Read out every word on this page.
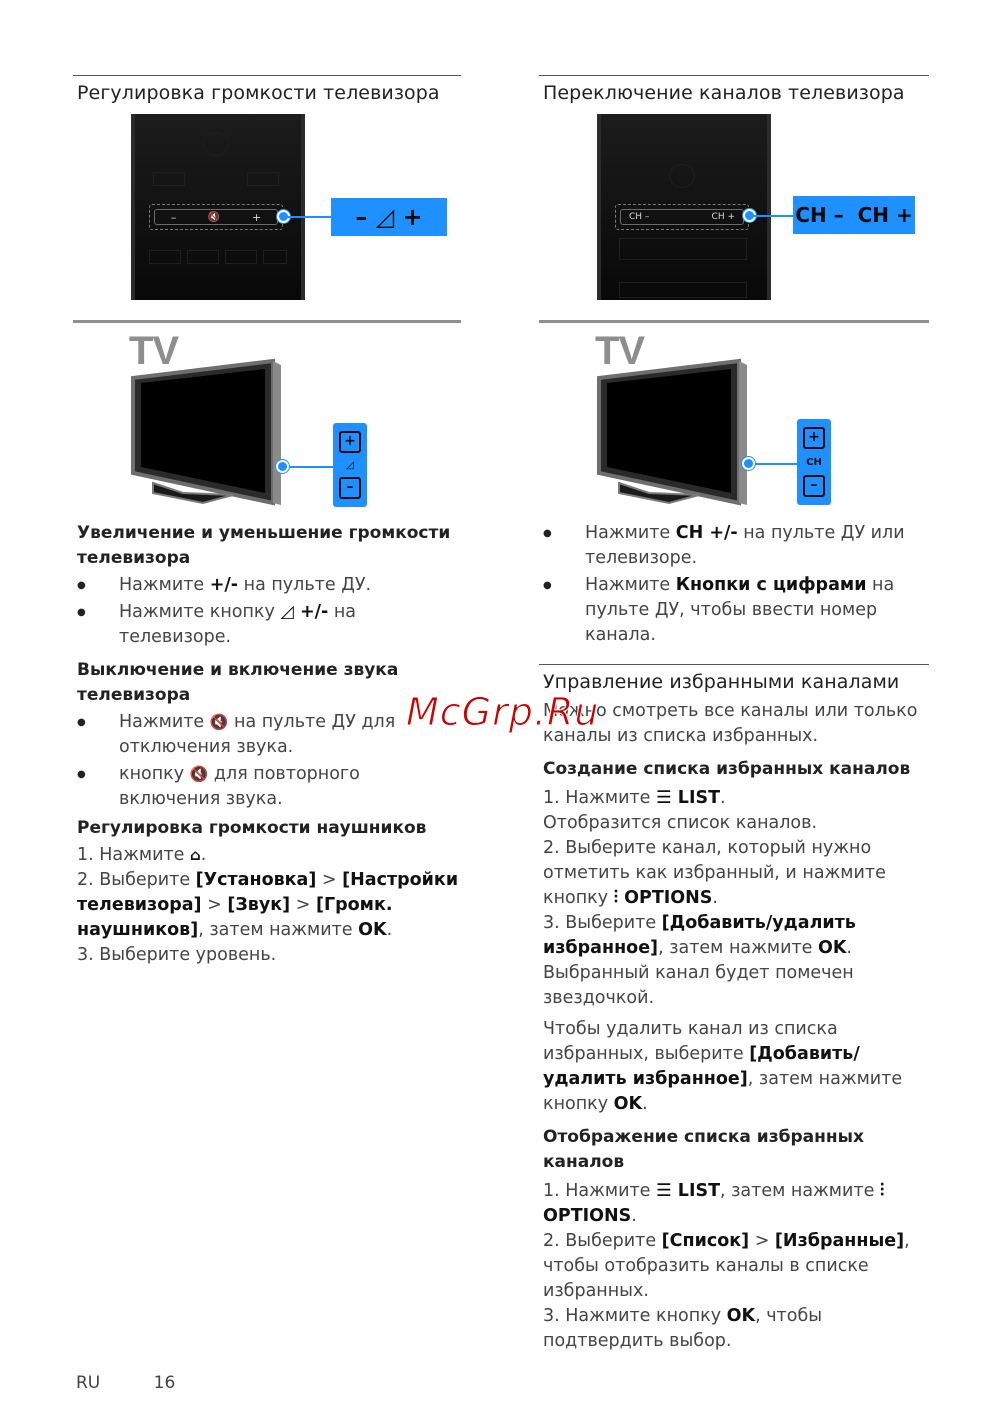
Регулировка громкости телевизора
–	🔇	+	– ◿ +
TV
+
◿
–
Увеличение и уменьшение громкости телевизора
● Нажмите +/- на пульте ДУ.
● Нажмите кнопку ◿ +/- на телевизоре.
Выключение и включение звука телевизора
● Нажмите 🔇 на пульте ДУ для отключения звука.
● кнопку 🔇 для повторного включения звука.
Регулировка громкости наушников
1. Нажмите ⌂.
2. Выберите [Установка] > [Настройки телевизора] > [Звук] > [Громк. наушников], затем нажмите OK.
3. Выберите уровень.
Переключение каналов телевизора
CH –	CH +	CH –  CH +
TV
+
CH
–
● Нажмите CH +/- на пульте ДУ или телевизоре.
● Нажмите Кнопки с цифрами на пульте ДУ, чтобы ввести номер канала.
Управление избранными каналами
Можно смотреть все каналы или только каналы из списка избранных.
Создание списка избранных каналов
1. Нажмите ☰ LIST.
Отобразится список каналов.
2. Выберите канал, который нужно отметить как избранный, и нажмите кнопку ⫶ OPTIONS.
3. Выберите [Добавить/удалить избранное], затем нажмите OK.
Выбранный канал будет помечен звездочкой.
Чтобы удалить канал из списка избранных, выберите [Добавить/удалить избранное], затем нажмите кнопку OK.
Отображение списка избранных каналов
1. Нажмите ☰ LIST, затем нажмите ⫶ OPTIONS.
2. Выберите [Список] > [Избранные], чтобы отобразить каналы в списке избранных.
3. Нажмите кнопку OK, чтобы подтвердить выбор.
McGrp.Ru
RU	16
